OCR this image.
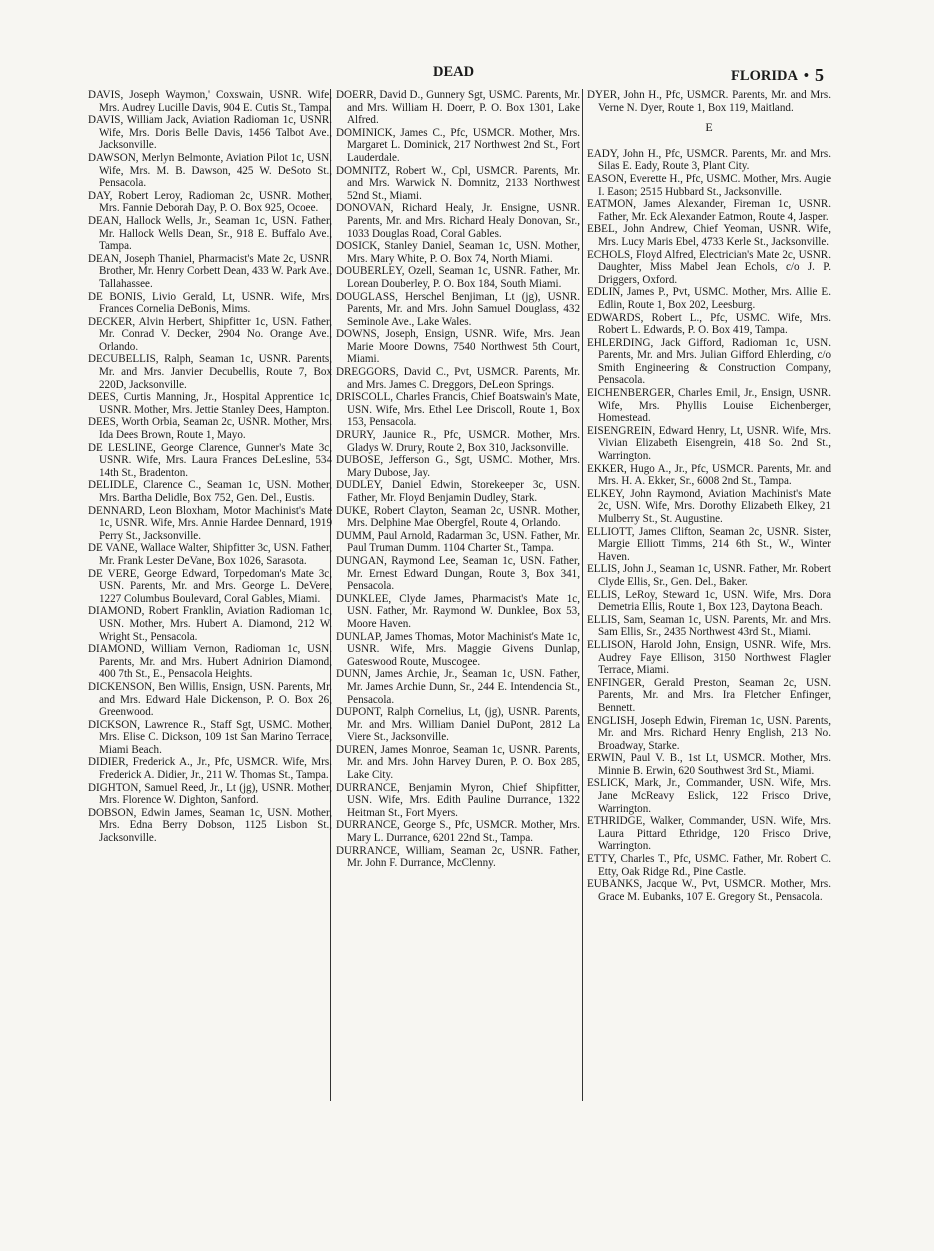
DEAD	FLORIDA • 5

DAVIS, Joseph Waymon,' Coxswain, USNR. Wife, Mrs. Audrey Lucille Davis, 904 E. Cutis St., Tampa.

DAVIS, William Jack, Aviation Radioman 1c, USNR. Wife, Mrs. Doris Belle Davis, 1456 Talbot Ave., Jacksonville.

DAWSON, Merlyn Belmonte, Aviation Pilot 1c, USN. Wife, Mrs. M. B. Dawson, 425 W. DeSoto St., Pensacola.

DAY, Robert Leroy, Radioman 2c, USNR. Mother, Mrs. Fannie Deborah Day, P. O. Box 925, Ocoee.

DEAN, Hallock Wells, Jr., Seaman 1c, USN. Father, Mr. Hallock Wells Dean, Sr., 918 E. Buffalo Ave., Tampa.

DEAN, Joseph Thaniel, Pharmacist's Mate 2c, USNR. Brother, Mr. Henry Corbett Dean, 433 W. Park Ave., Tallahassee.

DE BONIS, Livio Gerald, Lt, USNR. Wife, Mrs. Frances Cornelia DeBonis, Mims.

DECKER, Alvin Herbert, Shipfitter 1c, USN. Father, Mr. Conrad V. Decker, 2904 No. Orange Ave., Orlando.

DECUBELLIS, Ralph, Seaman 1c, USNR. Parents, Mr. and Mrs. Janvier Decubellis, Route 7, Box 220D, Jacksonville.

DEES, Curtis Manning, Jr., Hospital Apprentice 1c, USNR. Mother, Mrs. Jettie Stanley Dees, Hampton.

DEES, Worth Orbia, Seaman 2c, USNR. Mother, Mrs. Ida Dees Brown, Route 1, Mayo.

DE LESLINE, George Clarence, Gunner's Mate 3c, USNR. Wife, Mrs. Laura Frances DeLesline, 534 14th St., Bradenton.

DELIDLE, Clarence C., Seaman 1c, USN. Mother, Mrs. Bartha Delidle, Box 752, Gen. Del., Eustis.

DENNARD, Leon Bloxham, Motor Machinist's Mate 1c, USNR. Wife, Mrs. Annie Hardee Dennard, 1919 Perry St., Jacksonville.

DE VANE, Wallace Walter, Shipfitter 3c, USN. Father, Mr. Frank Lester DeVane, Box 1026, Sarasota.

DE VERE, George Edward, Torpedoman's Mate 3c, USN. Parents, Mr. and Mrs. George L. DeVere, 1227 Columbus Boulevard, Coral Gables, Miami.

DIAMOND, Robert Franklin, Aviation Radioman 1c, USN. Mother, Mrs. Hubert A. Diamond, 212 W. Wright St., Pensacola.

DIAMOND, William Vernon, Radioman 1c, USN. Parents, Mr. and Mrs. Hubert Adnirion Diamond, 400 7th St., E., Pensacola Heights.

DICKENSON, Ben Willis, Ensign, USN. Parents, Mr. and Mrs. Edward Hale Dickenson, P. O. Box 26, Greenwood.

DICKSON, Lawrence R., Staff Sgt, USMC. Mother, Mrs. Elise C. Dickson, 109 1st San Marino Terrace, Miami Beach.

DIDIER, Frederick A., Jr., Pfc, USMCR. Wife, Mrs. Frederick A. Didier, Jr., 211 W. Thomas St., Tampa.

DIGHTON, Samuel Reed, Jr., Lt (jg), USNR. Mother, Mrs. Florence W. Dighton, Sanford.

DOBSON, Edwin James, Seaman 1c, USN. Mother, Mrs. Edna Berry Dobson, 1125 Lisbon St., Jacksonville.

DOERR, David D., Gunnery Sgt, USMC. Parents, Mr. and Mrs. William H. Doerr, P. O. Box 1301, Lake Alfred.

DOMINICK, James C., Pfc, USMCR. Mother, Mrs. Margaret L. Dominick, 217 Northwest 2nd St., Fort Lauderdale.

DOMNITZ, Robert W., Cpl, USMCR. Parents, Mr. and Mrs. Warwick N. Domnitz, 2133 Northwest 52nd St., Miami.

DONOVAN, Richard Healy, Jr. Ensigne, USNR. Parents, Mr. and Mrs. Richard Healy Donovan, Sr., 1033 Douglas Road, Coral Gables.

DOSICK, Stanley Daniel, Seaman 1c, USN. Mother, Mrs. Mary White, P. O. Box 74, North Miami.

DOUBERLEY, Ozell, Seaman 1c, USNR. Father, Mr. Lorean Douberley, P. O. Box 184, South Miami.

DOUGLASS, Herschel Benjiman, Lt (jg), USNR. Parents, Mr. and Mrs. John Samuel Douglass, 432 Seminole Ave., Lake Wales.

DOWNS, Joseph, Ensign, USNR. Wife, Mrs. Jean Marie Moore Downs, 7540 Northwest 5th Court, Miami.

DREGGORS, David C., Pvt, USMCR. Parents, Mr. and Mrs. James C. Dreggors, DeLeon Springs.

DRISCOLL, Charles Francis, Chief Boatswain's Mate, USN. Wife, Mrs. Ethel Lee Driscoll, Route 1, Box 153, Pensacola.

DRURY, Jaunice R., Pfc, USMCR. Mother, Mrs. Gladys W. Drury, Route 2, Box 310, Jacksonville.

DUBOSE, Jefferson G., Sgt, USMC. Mother, Mrs. Mary Dubose, Jay.

DUDLEY, Daniel Edwin, Storekeeper 3c, USN. Father, Mr. Floyd Benjamin Dudley, Stark.

DUKE, Robert Clayton, Seaman 2c, USNR. Mother, Mrs. Delphine Mae Obergfel, Route 4, Orlando.

DUMM, Paul Arnold, Radarman 3c, USN. Father, Mr. Paul Truman Dumm. 1104 Charter St., Tampa.

DUNGAN, Raymond Lee, Seaman 1c, USN. Father, Mr. Ernest Edward Dungan, Route 3, Box 341, Pensacola.

DUNKLEE, Clyde James, Pharmacist's Mate 1c, USN. Father, Mr. Raymond W. Dunklee, Box 53, Moore Haven.

DUNLAP, James Thomas, Motor Machinist's Mate 1c, USNR. Wife, Mrs. Maggie Givens Dunlap, Gateswood Route, Muscogee.

DUNN, James Archie, Jr., Seaman 1c, USN. Father, Mr. James Archie Dunn, Sr., 244 E. Intendencia St., Pensacola.

DUPONT, Ralph Cornelius, Lt, (jg), USNR. Parents, Mr. and Mrs. William Daniel DuPont, 2812 La Viere St., Jacksonville.

DUREN, James Monroe, Seaman 1c, USNR. Parents, Mr. and Mrs. John Harvey Duren, P. O. Box 285, Lake City.

DURRANCE, Benjamin Myron, Chief Shipfitter, USN. Wife, Mrs. Edith Pauline Durrance, 1322 Heitman St., Fort Myers.

DURRANCE, George S., Pfc, USMCR. Mother, Mrs. Mary L. Durrance, 6201 22nd St., Tampa.

DURRANCE, William, Seaman 2c, USNR. Father, Mr. John F. Durrance, McClenny.

DYER, John H., Pfc, USMCR. Parents, Mr. and Mrs. Verne N. Dyer, Route 1, Box 119, Maitland.

E

EADY, John H., Pfc, USMCR. Parents, Mr. and Mrs. Silas E. Eady, Route 3, Plant City.

EASON, Everette H., Pfc, USMC. Mother, Mrs. Augie I. Eason; 2515 Hubbard St., Jacksonville.

EATMON, James Alexander, Fireman 1c, USNR. Father, Mr. Eck Alexander Eatmon, Route 4, Jasper.

EBEL, John Andrew, Chief Yeoman, USNR. Wife, Mrs. Lucy Maris Ebel, 4733 Kerle St., Jacksonville.

ECHOLS, Floyd Alfred, Electrician's Mate 2c, USNR. Daughter, Miss Mabel Jean Echols, c/o J. P. Driggers, Oxford.

EDLIN, James P., Pvt, USMC. Mother, Mrs. Allie E. Edlin, Route 1, Box 202, Leesburg.

EDWARDS, Robert L., Pfc, USMC. Wife, Mrs. Robert L. Edwards, P. O. Box 419, Tampa.

EHLERDING, Jack Gifford, Radioman 1c, USN. Parents, Mr. and Mrs. Julian Gifford Ehlerding, c/o Smith Engineering & Construction Company, Pensacola.

EICHENBERGER, Charles Emil, Jr., Ensign, USNR. Wife, Mrs. Phyllis Louise Eichenberger, Homestead.

EISENGREIN, Edward Henry, Lt, USNR. Wife, Mrs. Vivian Elizabeth Eisengrein, 418 So. 2nd St., Warrington.

EKKER, Hugo A., Jr., Pfc, USMCR. Parents, Mr. and Mrs. H. A. Ekker, Sr., 6008 2nd St., Tampa.

ELKEY, John Raymond, Aviation Machinist's Mate 2c, USN. Wife, Mrs. Dorothy Elizabeth Elkey, 21 Mulberry St., St. Augustine.

ELLIOTT, James Clifton, Seaman 2c, USNR. Sister, Margie Elliott Timms, 214 6th St., W., Winter Haven.

ELLIS, John J., Seaman 1c, USNR. Father, Mr. Robert Clyde Ellis, Sr., Gen. Del., Baker.

ELLIS, LeRoy, Steward 1c, USN. Wife, Mrs. Dora Demetria Ellis, Route 1, Box 123, Daytona Beach.

ELLIS, Sam, Seaman 1c, USN. Parents, Mr. and Mrs. Sam Ellis, Sr., 2435 Northwest 43rd St., Miami.

ELLISON, Harold John, Ensign, USNR. Wife, Mrs. Audrey Faye Ellison, 3150 Northwest Flagler Terrace, Miami.

ENFINGER, Gerald Preston, Seaman 2c, USN. Parents, Mr. and Mrs. Ira Fletcher Enfinger, Bennett.

ENGLISH, Joseph Edwin, Fireman 1c, USN. Parents, Mr. and Mrs. Richard Henry English, 213 No. Broadway, Starke.

ERWIN, Paul V. B., 1st Lt, USMCR. Mother, Mrs. Minnie B. Erwin, 620 Southwest 3rd St., Miami.

ESLICK, Mark, Jr., Commander, USN. Wife, Mrs. Jane McReavy Eslick, 122 Frisco Drive, Warrington.

ETHRIDGE, Walker, Commander, USN. Wife, Mrs. Laura Pittard Ethridge, 120 Frisco Drive, Warrington.

ETTY, Charles T., Pfc, USMC. Father, Mr. Robert C. Etty, Oak Ridge Rd., Pine Castle.

EUBANKS, Jacque W., Pvt, USMCR. Mother, Mrs. Grace M. Eubanks, 107 E. Gregory St., Pensacola.
